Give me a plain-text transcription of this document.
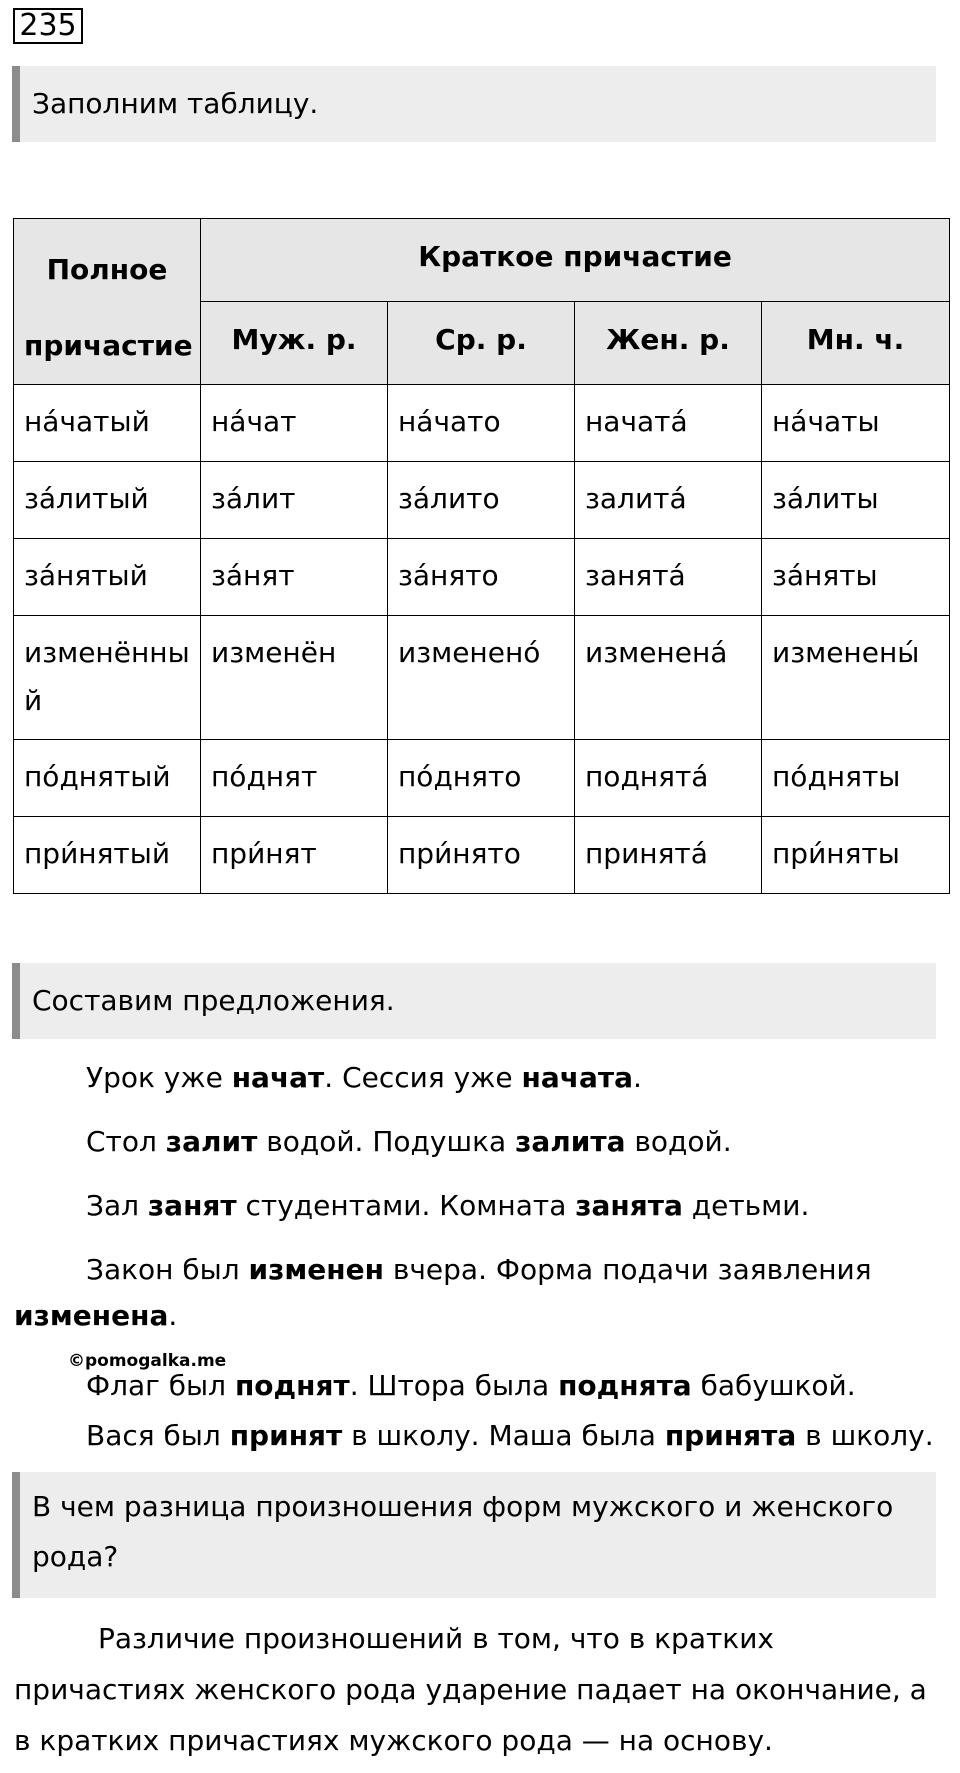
235
Заполним таблицу.
Полное причастие	Краткое причастие			
	Муж. р.	Ср. р.	Жен. р.	Мн. ч.
на́чатый	на́чат	на́чато	начата́	на́чаты
за́литый	за́лит	за́лито	залита́	за́литы
за́нятый	за́нят	за́нято	занята́	за́няты
изменённый	изменён	изменено́	изменена́	изменены́
по́днятый	по́днят	по́днято	поднята́	по́дняты
при́нятый	при́нят	при́нято	принята́	при́няты
Составим предложения.

Урок уже начат. Сессия уже начата.

Стол залит водой. Подушка залита водой.

Зал занят студентами. Комната занята детьми.

Закон был изменен вчера. Форма подачи заявления изменена.

©pomogalka.me

Флаг был поднят. Штора была поднята бабушкой.

Вася был принят в школу. Маша была принята в школу.

В чем разница произношения форм мужского и женского рода?

Различие произношений в том, что в кратких причастиях женского рода ударение падает на окончание, а в кратких причастиях мужского рода — на основу.
